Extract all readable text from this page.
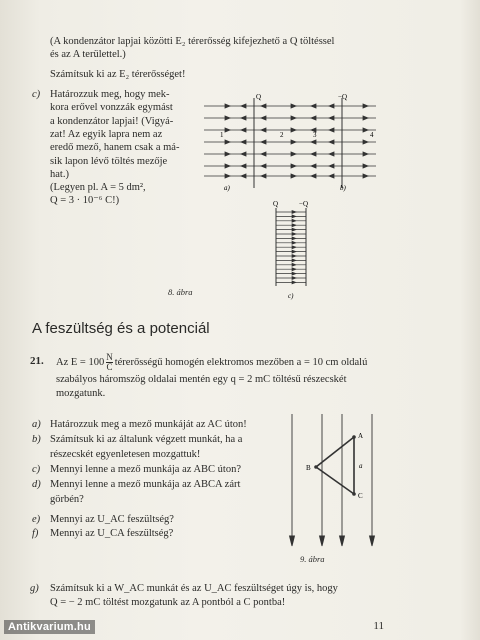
(A kondenzátor lapjai közötti E₂ térerősség kifejezhető a Q töltéssel
és az A területtel.)
Számítsuk ki az E₂ térerősséget!
c) Határozzuk meg, hogy mek-
kora erővel vonzzák egymást
a kondenzátor lapjai! (Vigyá-
zat! Az egyik lapra nem az
eredő mező, hanem csak a má-
sik lapon lévő töltés mezője
hat.)
(Legyen pl. A = 5 dm²,
Q = 3 · 10⁻⁶ C!)
Q	−Q
1	2	3	4
a)	b)
Q	−Q
c)
8. ábra
A feszültség és a potenciál
21. Az $E = 100 \frac{N}{C}$ térerősségű homogén elektromos mezőben a = 10 cm oldalú
szabályos háromszög oldalai mentén egy q = 2 mC töltésű részecskét
mozgatunk.
a) Határozzuk meg a mező munkáját az AC úton!
b) Számítsuk ki az általunk végzett munkát, ha a
részecskét egyenletesen mozgattuk!
c) Mennyi lenne a mező munkája az ABC úton?
d) Mennyi lenne a mező munkája az ABCA zárt
görbén?
e) Mennyi az U_AC feszültség?
f) Mennyi az U_CA feszültség?
A
B
C
a
9. ábra
g) Számítsuk ki a W_AC munkát és az U_AC feszültséget úgy is, hogy
Q = − 2 mC töltést mozgatunk az A pontból a C pontba!
11
Antikvarium.hu
